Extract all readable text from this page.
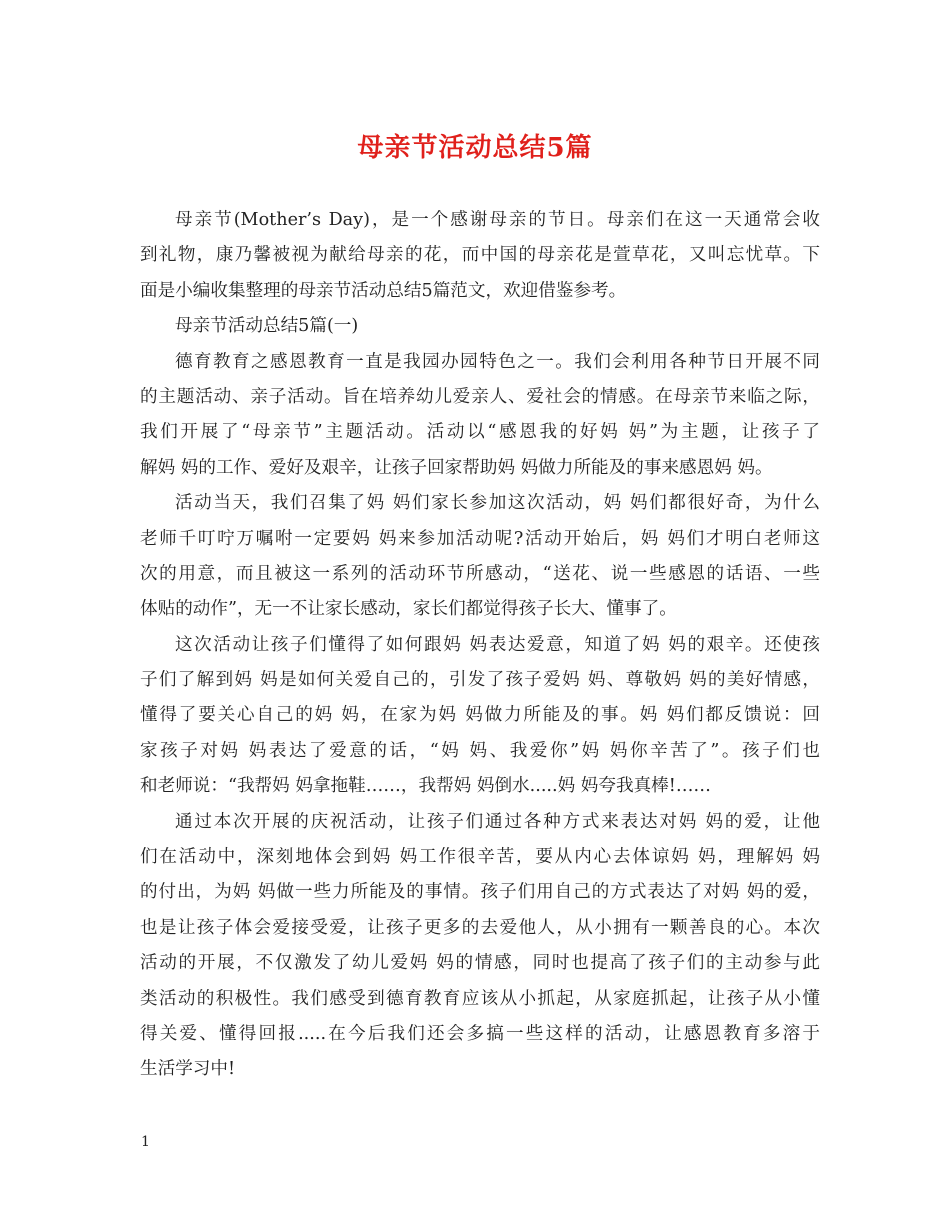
母亲节活动总结5篇
母亲节(Mother’s Day)，是一个感谢母亲的节日。母亲们在这一天通常会收
到礼物，康乃馨被视为献给母亲的花，而中国的母亲花是萱草花，又叫忘忧草。下
面是小编收集整理的母亲节活动总结5篇范文，欢迎借鉴参考。
母亲节活动总结5篇(一)
德育教育之感恩教育一直是我园办园特色之一。我们会利用各种节日开展不同
的主题活动、亲子活动。旨在培养幼儿爱亲人、爱社会的情感。在母亲节来临之际，
我们开展了“母亲节”主题活动。活动以“感恩我的好妈 妈”为主题，让孩子了
解妈 妈的工作、爱好及艰辛，让孩子回家帮助妈 妈做力所能及的事来感恩妈 妈。
活动当天，我们召集了妈 妈们家长参加这次活动，妈 妈们都很好奇，为什么
老师千叮咛万嘱咐一定要妈 妈来参加活动呢?活动开始后，妈 妈们才明白老师这
次的用意，而且被这一系列的活动环节所感动，“送花、说一些感恩的话语、一些
体贴的动作”，无一不让家长感动，家长们都觉得孩子长大、懂事了。
这次活动让孩子们懂得了如何跟妈 妈表达爱意，知道了妈 妈的艰辛。还使孩
子们了解到妈 妈是如何关爱自己的，引发了孩子爱妈 妈、尊敬妈 妈的美好情感，
懂得了要关心自己的妈 妈，在家为妈 妈做力所能及的事。妈 妈们都反馈说：回
家孩子对妈 妈表达了爱意的话，“妈 妈、我爱你”妈 妈你辛苦了”。孩子们也
和老师说：“我帮妈 妈拿拖鞋……，我帮妈 妈倒水.....妈 妈夸我真棒!……
通过本次开展的庆祝活动，让孩子们通过各种方式来表达对妈 妈的爱，让他
们在活动中，深刻地体会到妈 妈工作很辛苦，要从内心去体谅妈 妈，理解妈 妈
的付出，为妈 妈做一些力所能及的事情。孩子们用自己的方式表达了对妈 妈的爱，
也是让孩子体会爱接受爱，让孩子更多的去爱他人，从小拥有一颗善良的心。本次
活动的开展，不仅激发了幼儿爱妈 妈的情感，同时也提高了孩子们的主动参与此
类活动的积极性。我们感受到德育教育应该从小抓起，从家庭抓起，让孩子从小懂
得关爱、懂得回报.....在今后我们还会多搞一些这样的活动，让感恩教育多溶于
生活学习中!
1
